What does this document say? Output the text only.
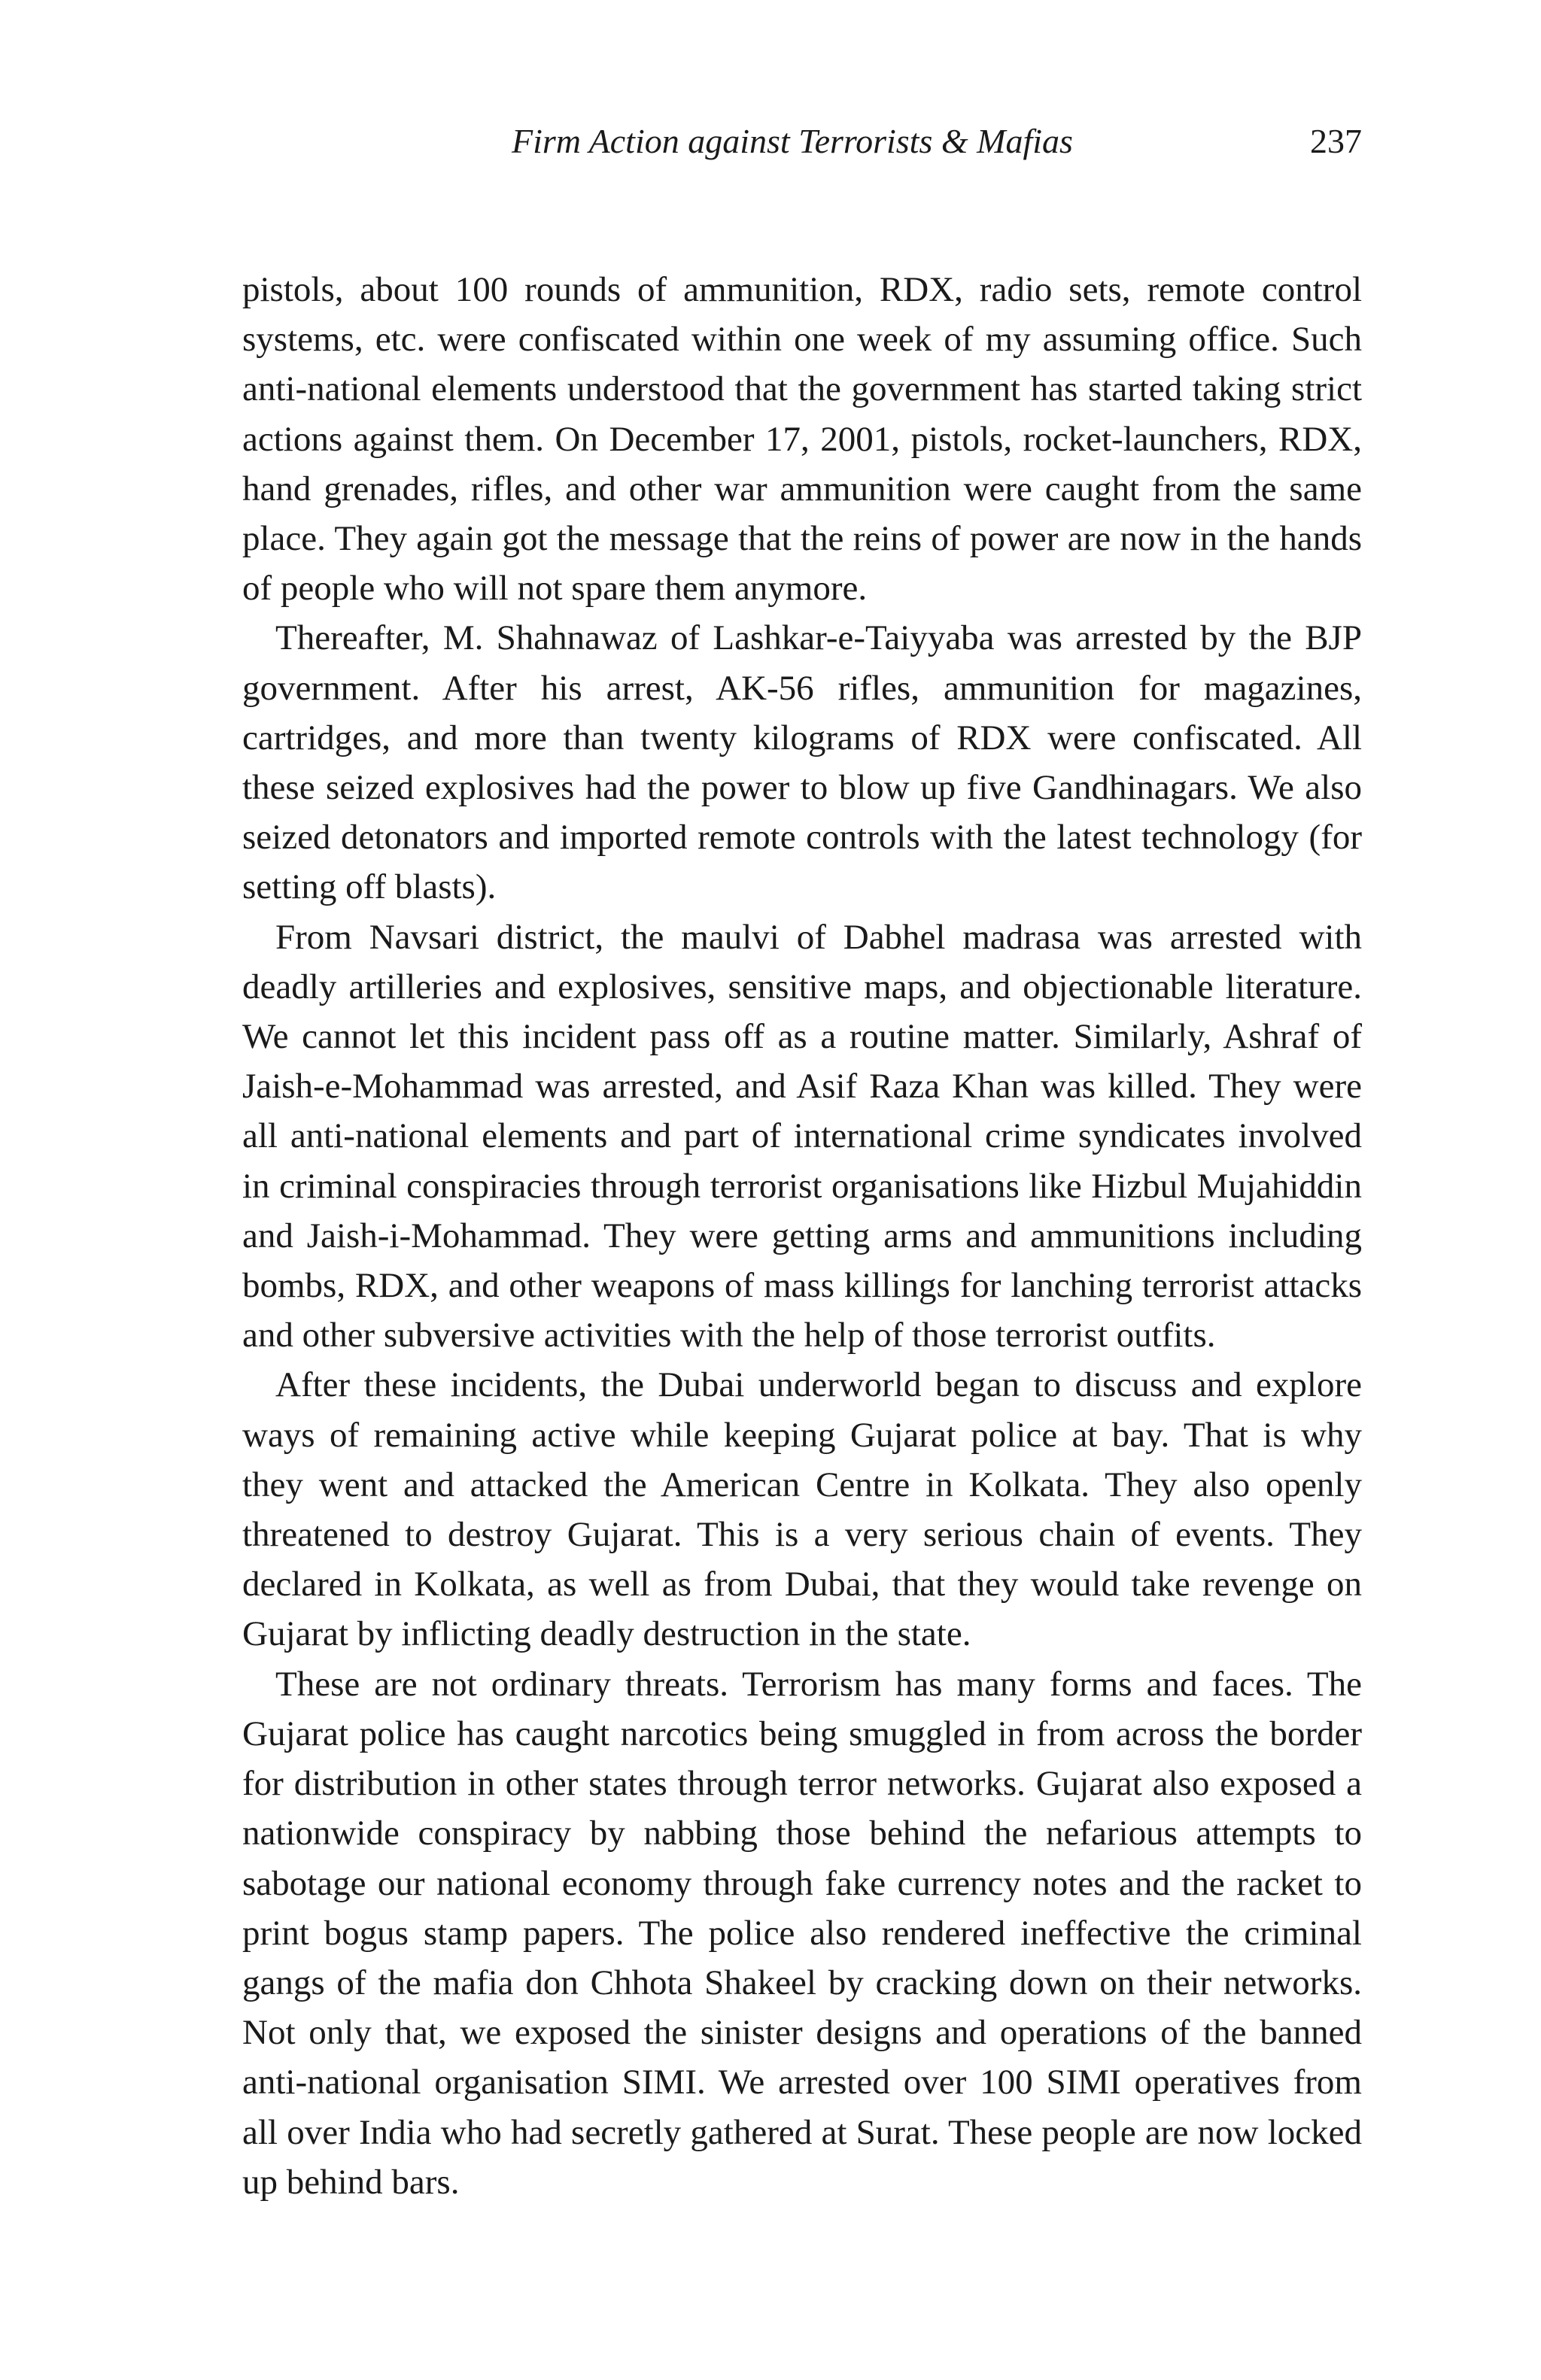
Firm Action against Terrorists & Mafias	237

pistols, about 100 rounds of ammunition, RDX, radio sets, remote control systems, etc. were confiscated within one week of my assuming office. Such anti-national elements understood that the government has started taking strict actions against them. On December 17, 2001, pistols, rocket-launchers, RDX, hand grenades, rifles, and other war ammunition were caught from the same place. They again got the message that the reins of power are now in the hands of people who will not spare them anymore.

Thereafter, M. Shahnawaz of Lashkar-e-Taiyyaba was arrested by the BJP government. After his arrest, AK-56 rifles, ammunition for magazines, cartridges, and more than twenty kilograms of RDX were confiscated. All these seized explosives had the power to blow up five Gandhinagars. We also seized detonators and imported remote controls with the latest technology (for setting off blasts).

From Navsari district, the maulvi of Dabhel madrasa was arrested with deadly artilleries and explosives, sensitive maps, and objectionable literature. We cannot let this incident pass off as a routine matter. Similarly, Ashraf of Jaish-e-Mohammad was arrested, and Asif Raza Khan was killed. They were all anti-national elements and part of international crime syndicates involved in criminal conspiracies through terrorist organisations like Hizbul Mujahiddin and Jaish-i-Mohammad. They were getting arms and ammunitions including bombs, RDX, and other weapons of mass killings for lanching terrorist attacks and other subversive activities with the help of those terrorist outfits.

After these incidents, the Dubai underworld began to discuss and explore ways of remaining active while keeping Gujarat police at bay. That is why they went and attacked the American Centre in Kolkata. They also openly threatened to destroy Gujarat. This is a very serious chain of events. They declared in Kolkata, as well as from Dubai, that they would take revenge on Gujarat by inflicting deadly destruction in the state.

These are not ordinary threats. Terrorism has many forms and faces. The Gujarat police has caught narcotics being smuggled in from across the border for distribution in other states through terror networks. Gujarat also exposed a nationwide conspiracy by nabbing those behind the nefarious attempts to sabotage our national economy through fake currency notes and the racket to print bogus stamp papers. The police also rendered ineffective the criminal gangs of the mafia don Chhota Shakeel by cracking down on their networks. Not only that, we exposed the sinister designs and operations of the banned anti-national organisation SIMI. We arrested over 100 SIMI operatives from all over India who had secretly gathered at Surat. These people are now locked up behind bars.
